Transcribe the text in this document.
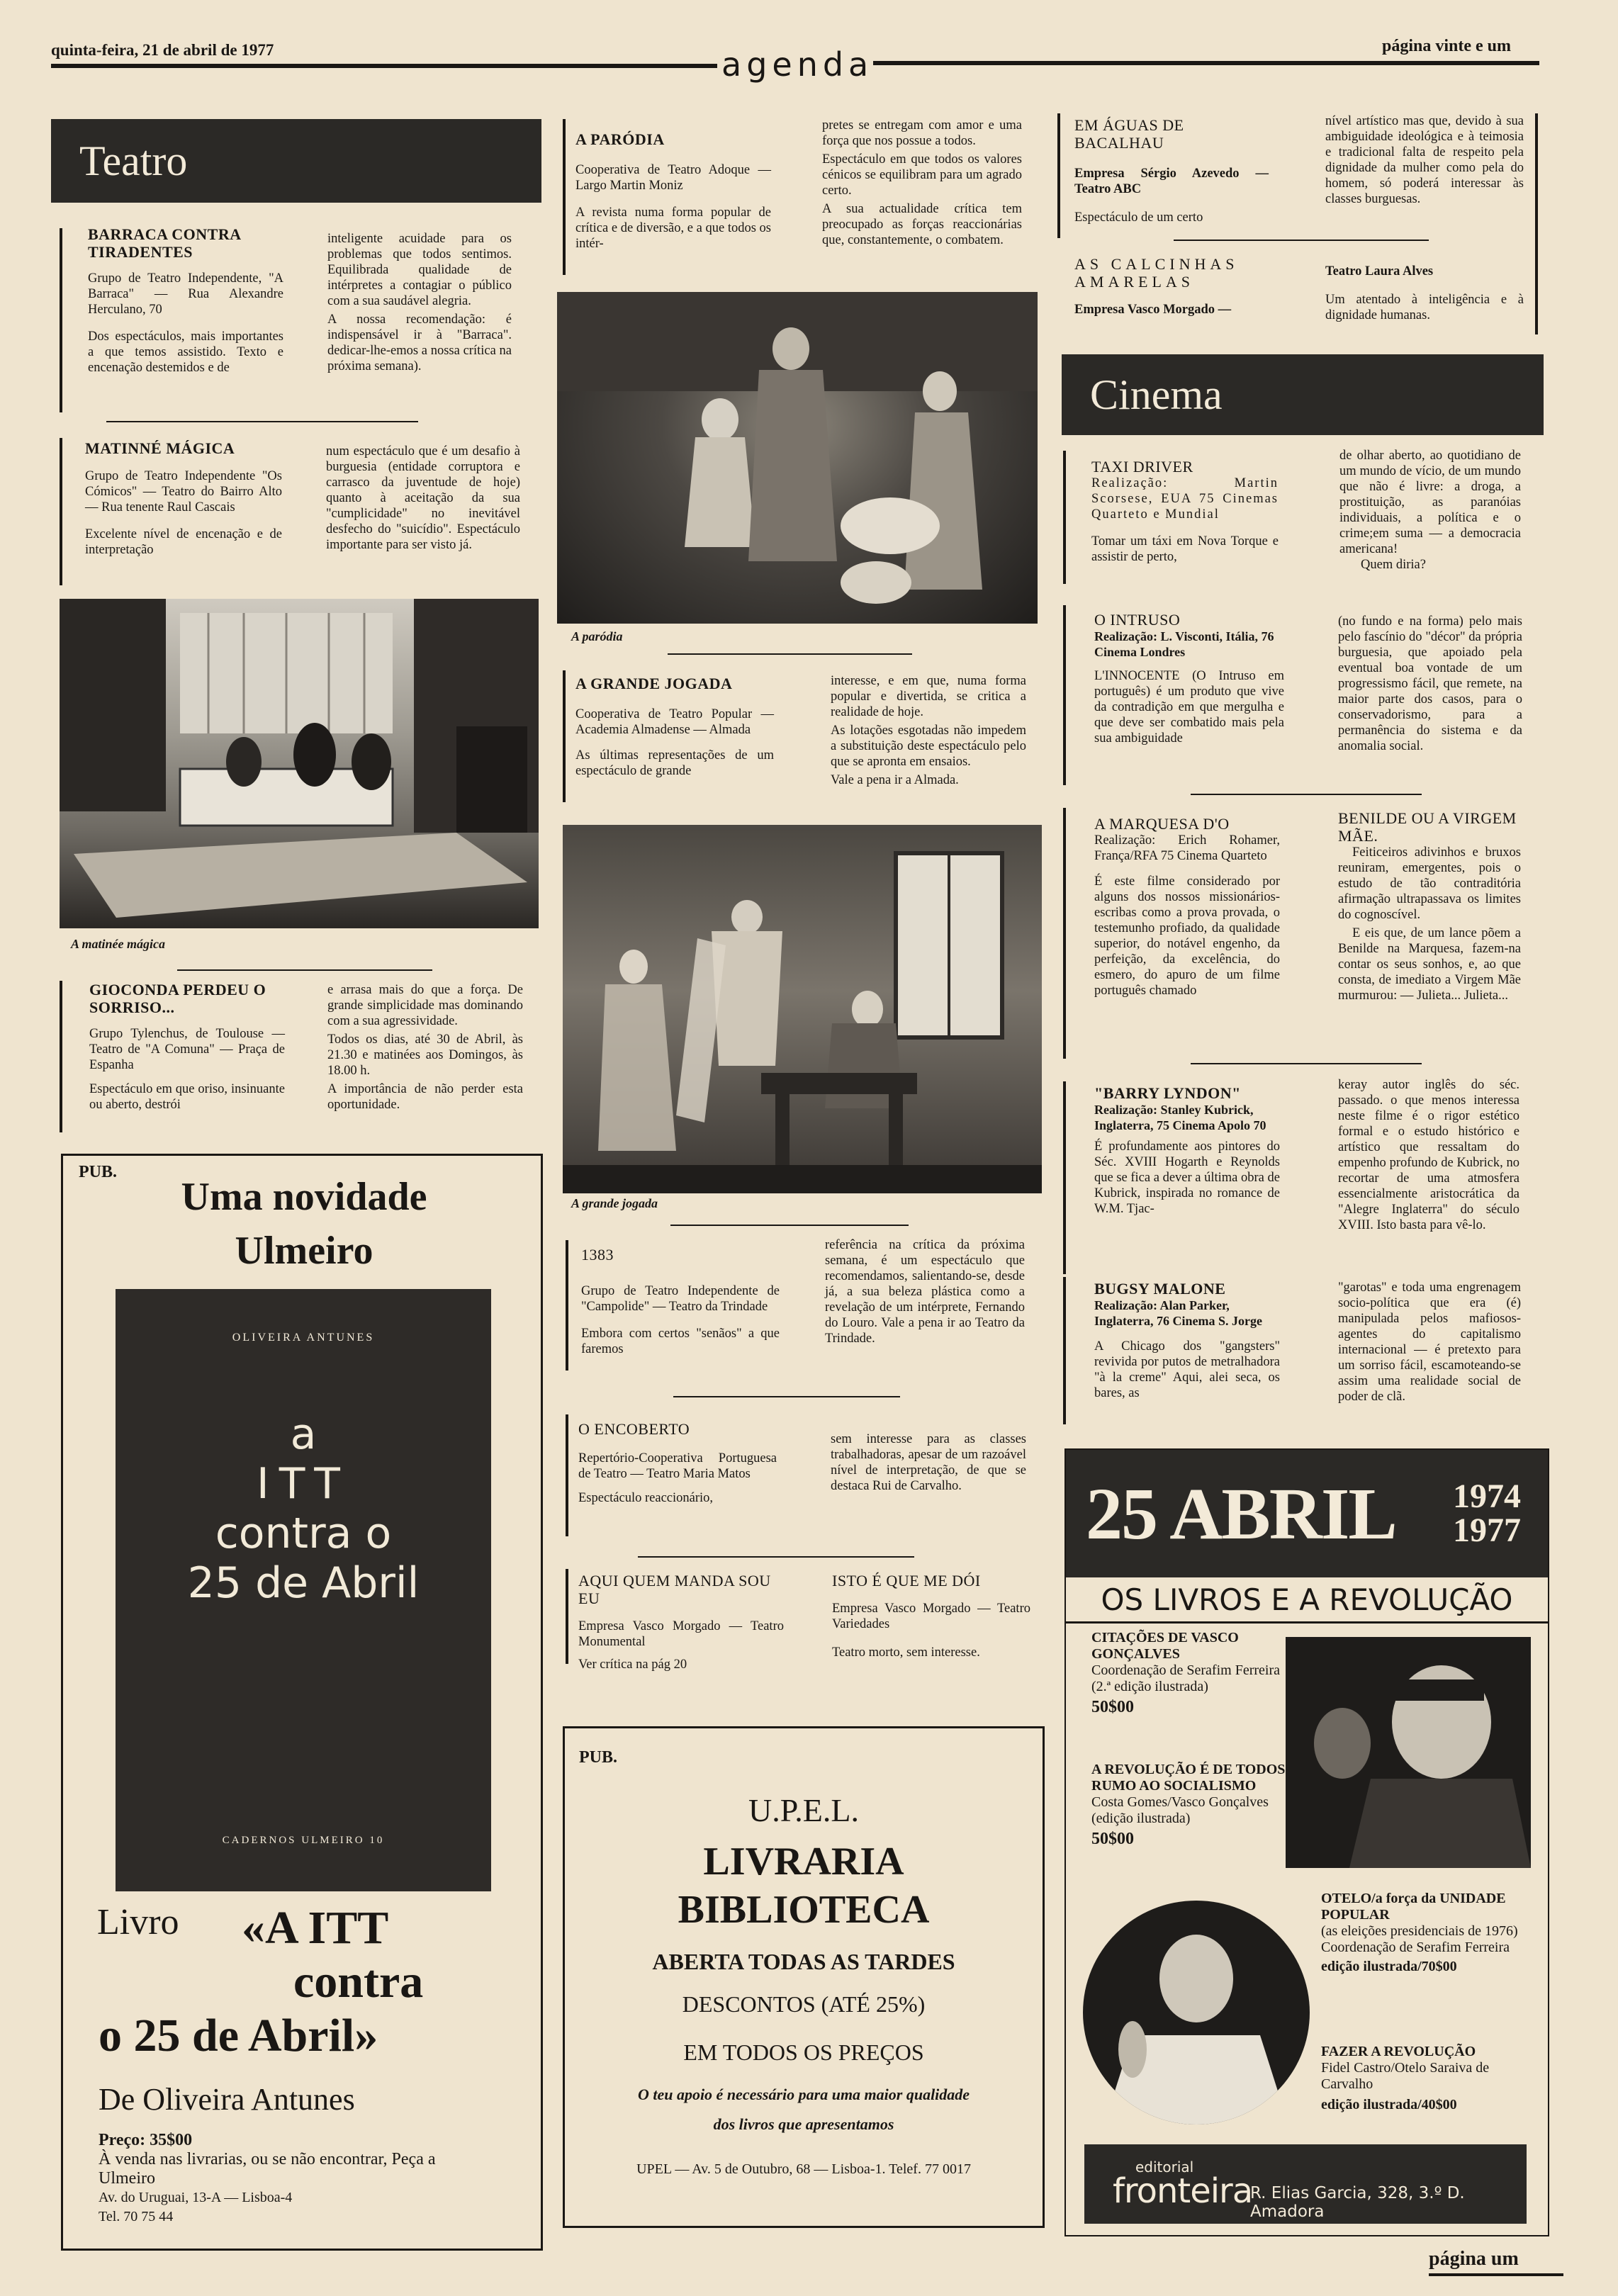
quinta-feira, 21 de abril de 1977	agenda	página vinte e um
Teatro

BARRACA CONTRA TIRADENTES

Grupo de Teatro Independente, "A Barraca" — Rua Alexandre Herculano, 70

Dos espectáculos, mais importantes a que temos assistido. Texto e encenação destemidos e de

inteligente acuidade para os problemas que todos sentimos. Equilibrada qualidade de intérpretes a contagiar o público com a sua saudável alegria.

A nossa recomendação: é indispensável ir à "Barraca". dedicar-lhe-emos a nossa crítica na próxima semana).

MATINNÉ MÁGICA

Grupo de Teatro Independente "Os Cómicos" — Teatro do Bairro Alto — Rua tenente Raul Cascais

Excelente nível de encenação e de interpretação

num espectáculo que é um desafio à burguesia (entidade corruptora e carrasco da juventude de hoje) quanto à aceitação da sua "cumplicidade" no inevitável desfecho do "suicídio". Espectáculo importante para ser visto já.

A matinée mágica

GIOCONDA PERDEU O SORRISO...

Grupo Tylenchus, de Toulouse — Teatro de "A Comuna" — Praça de Espanha

Espectáculo em que oriso, insinuante ou aberto, destrói

e arrasa mais do que a força. De grande simplicidade mas dominando com a sua agressividade.

Todos os dias, até 30 de Abril, às 21.30 e matinées aos Domingos, às 18.00 h.

A importância de não perder esta oportunidade.

PUB.
Uma novidade
Ulmeiro
OLIVEIRA ANTUNES
a
ITT
contra o
25 de Abril
CADERNOS ULMEIRO 10
Livro	«A ITT
contra
o 25 de Abril»
De Oliveira Antunes
Preço: 35$00
À venda nas livrarias, ou se não encontrar, Peça a Ulmeiro
Av. do Uruguai, 13-A — Lisboa-4
Tel. 70 75 44

A PARÓDIA

Cooperativa de Teatro Adoque — Largo Martin Moniz

A revista numa forma popular de crítica e de diversão, e a que todos os intér-

pretes se entregam com amor e uma força que nos possue a todos.

Espectáculo em que todos os valores cénicos se equilibram para um agrado certo.

A sua actualidade crítica tem preocupado as forças reaccionárias que, constantemente, o combatem.

A paródia

A GRANDE JOGADA

Cooperativa de Teatro Popular — Academia Almadense — Almada

As últimas representações de um espectáculo de grande

interesse, e em que, numa forma popular e divertida, se critica a realidade de hoje.

As lotações esgotadas não impedem a substituição deste espectáculo pelo que se apronta em ensaios.

Vale a pena ir a Almada.

A grande jogada

1383

Grupo de Teatro Independente de "Campolide" — Teatro da Trindade

Embora com certos "senãos" a que faremos

referência na crítica da próxima semana, é um espectáculo que recomendamos, salientando-se, desde já, a sua beleza plástica como a revelação de um intérprete, Fernando do Louro. Vale a pena ir ao Teatro da Trindade.

O ENCOBERTO

Repertório-Cooperativa Portuguesa de Teatro — Teatro Maria Matos

Espectáculo reaccionário,

sem interesse para as classes trabalhadoras, apesar de um razoável nível de interpretação, de que se destaca Rui de Carvalho.

AQUI QUEM MANDA SOU EU

Empresa Vasco Morgado — Teatro Monumental

Ver crítica na pág 20

ISTO É QUE ME DÓI

Empresa Vasco Morgado — Teatro Variedades

Teatro morto, sem interesse.

PUB.
U.P.E.L.
LIVRARIA
BIBLIOTECA
ABERTA TODAS AS TARDES
DESCONTOS (ATÉ 25%)
EM TODOS OS PREÇOS
O teu apoio é necessário para uma maior qualidade
dos livros que apresentamos
UPEL — Av. 5 de Outubro, 68 — Lisboa-1. Telef. 77 0017

EM ÁGUAS DE BACALHAU

Empresa Sérgio Azevedo — Teatro ABC

Espectáculo de um certo

nível artístico mas que, devido à sua ambiguidade ideológica e à teimosia e tradicional falta de respeito pela dignidade da mulher como pela do homem, só poderá interessar às classes burguesas.

AS CALCINHAS AMARELAS

Empresa Vasco Morgado —

Teatro Laura Alves

Um atentado à inteligência e à dignidade humanas.

Cinema

TAXI DRIVER

Realização: Martin Scorsese, EUA 75 Cinemas Quarteto e Mundial

Tomar um táxi em Nova Torque e assistir de perto,

de olhar aberto, ao quotidiano de um mundo de vício, de um mundo que não é livre: a droga, a prostituição, as paranóias individuais, a política e o crime;em suma — a democracia americana!

Quem diria?

O INTRUSO

Realização: L. Visconti, Itália, 76 Cinema Londres

L'INNOCENTE (O Intruso em português) é um produto que vive da contradição em que mergulha e que deve ser combatido mais pela sua ambiguidade

(no fundo e na forma) pelo mais pelo fascínio do "décor" da própria burguesia, que apoiado pela eventual boa vontade de um progressismo fácil, que remete, na maior parte dos casos, para o conservadorismo, para a permanência do sistema e da anomalia social.

A MARQUESA D'O

Realização: Erich Rohamer, França/RFA 75 Cinema Quarteto

É este filme considerado por alguns dos nossos missionários-escribas como a prova provada, o testemunho profiado, da qualidade superior, do notável engenho, da perfeição, da excelência, do esmero, do apuro de um filme português chamado

BENILDE OU A VIRGEM MÃE.

Feiticeiros adivinhos e bruxos reuniram, emergentes, pois o estudo de tão contraditória afirmação ultrapassava os limites do cognoscível.

E eis que, de um lance põem a Benilde na Marquesa, fazem-na contar os seus sonhos, e, ao que consta, de imediato a Virgem Mãe murmurou: — Julieta... Julieta...

"BARRY LYNDON"

Realização: Stanley Kubrick, Inglaterra, 75 Cinema Apolo 70

É profundamente aos pintores do Séc. XVIII Hogarth e Reynolds que se fica a dever a última obra de Kubrick, inspirada no romance de W.M. Tjac-

keray autor inglês do séc. passado. o que menos interessa neste filme é o rigor estético formal e o estudo histórico e artístico que ressaltam do empenho profundo de Kubrick, no recortar de uma atmosfera essencialmente aristocrática da "Alegre Inglaterra" do século XVIII. Isto basta para vê-lo.

BUGSY MALONE

Realização: Alan Parker, Inglaterra, 76 Cinema S. Jorge

A Chicago dos "gangsters" revivida por putos de metralhadora "à la creme" Aqui, alei seca, os bares, as

"garotas" e toda uma engrenagem socio-política que era (é) manipulada pelos mafiosos-agentes do capitalismo internacional — é pretexto para um sorriso fácil, escamoteando-se assim uma realidade social de poder de clã.

25 ABRIL 1974
1977
OS LIVROS E A REVOLUÇÃO
CITAÇÕES DE VASCO GONÇALVES
Coordenação de Serafim Ferreira
(2.ª edição ilustrada)
50$00
A REVOLUÇÃO É DE TODOS RUMO AO SOCIALISMO
Costa Gomes/Vasco Gonçalves
(edição ilustrada)
50$00
OTELO/a força da UNIDADE POPULAR
(as eleições presidenciais de 1976) Coordenação de Serafim Ferreira
edição ilustrada/70$00
FAZER A REVOLUÇÃO
Fidel Castro/Otelo Saraiva de Carvalho
edição ilustrada/40$00
editorial
fronteira
R. Elias Garcia, 328, 3.º D. Amadora
página um
